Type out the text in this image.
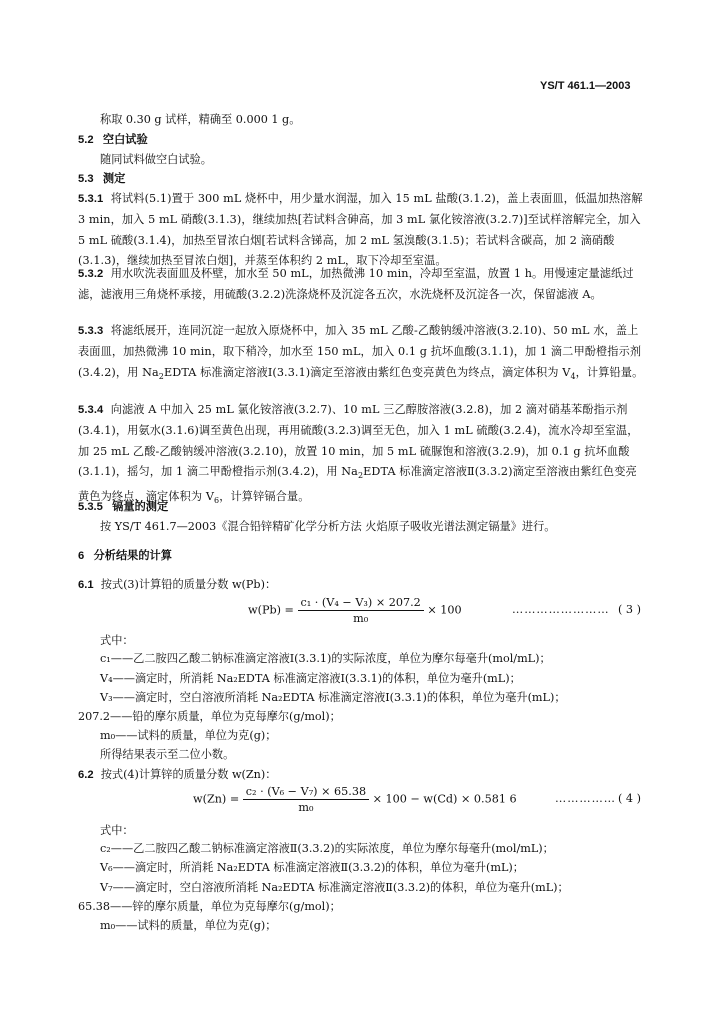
YS/T 461.1—2003
称取 0.30 g 试样，精确至 0.000 1 g。
5.2 空白试验
随同试料做空白试验。
5.3 测定
5.3.1 将试料(5.1)置于 300 mL 烧杯中，用少量水润湿，加入 15 mL 盐酸(3.1.2)，盖上表面皿，低温加热溶解 3 min，加入 5 mL 硝酸(3.1.3)，继续加热[若试料含砷高，加 3 mL 氯化铵溶液(3.2.7)]至试样溶解完全，加入 5 mL 硫酸(3.1.4)，加热至冒浓白烟[若试料含锑高，加 2 mL 氢溴酸(3.1.5)；若试料含碳高，加 2 滴硝酸(3.1.3)，继续加热至冒浓白烟]，并蒸至体积约 2 mL，取下冷却至室温。
5.3.2 用水吹洗表面皿及杯壁，加水至 50 mL，加热微沸 10 min，冷却至室温，放置 1 h。用慢速定量滤纸过滤，滤液用三角烧杯承接，用硫酸(3.2.2)洗涤烧杯及沉淀各五次，水洗烧杯及沉淀各一次，保留滤液 A。
5.3.3 将滤纸展开，连同沉淀一起放入原烧杯中，加入 35 mL 乙酸-乙酸钠缓冲溶液(3.2.10)、50 mL 水，盖上表面皿，加热微沸 10 min，取下稍冷，加水至 150 mL，加入 0.1 g 抗坏血酸(3.1.1)，加 1 滴二甲酚橙指示剂(3.4.2)，用 $Na_2EDTA$ 标准滴定溶液Ⅰ(3.3.1)滴定至溶液由紫红色变亮黄色为终点，滴定体积为 $V_4$，计算铅量。
5.3.4 向滤液 A 中加入 25 mL 氯化铵溶液(3.2.7)、10 mL 三乙醇胺溶液(3.2.8)，加 2 滴对硝基苯酚指示剂(3.4.1)，用氨水(3.1.6)调至黄色出现，再用硫酸(3.2.3)调至无色，加入 1 mL 硫酸(3.2.4)，流水冷却至室温，加 25 mL 乙酸-乙酸钠缓冲溶液(3.2.10)，放置 10 min，加 5 mL 硫脲饱和溶液(3.2.9)，加 0.1 g 抗坏血酸(3.1.1)，摇匀，加 1 滴二甲酚橙指示剂(3.4.2)，用 $Na_2EDTA$ 标准滴定溶液Ⅱ(3.3.2)滴定至溶液由紫红色变亮黄色为终点，滴定体积为 $V_6$，计算锌镉合量。
5.3.5 镉量的测定
按 YS/T 461.7—2003《混合铅锌精矿化学分析方法 火焰原子吸收光谱法测定镉量》进行。
6 分析结果的计算
6.1 按式(3)计算铅的质量分数 w(Pb)：
$w(Pb) = \frac{\text{c₁ · (V₄ − V₃) × 207.2}}{\text{m₀}} \times 100$	…………………… ( 3 )
式中：
c₁——乙二胺四乙酸二钠标准滴定溶液Ⅰ(3.3.1)的实际浓度，单位为摩尔每毫升(mol/mL)；
V₄——滴定时，所消耗 Na₂EDTA 标准滴定溶液Ⅰ(3.3.1)的体积，单位为毫升(mL)；
V₃——滴定时，空白溶液所消耗 Na₂EDTA 标准滴定溶液Ⅰ(3.3.1)的体积，单位为毫升(mL)；
207.2——铅的摩尔质量，单位为克每摩尔(g/mol)；
m₀——试料的质量，单位为克(g)；
所得结果表示至二位小数。
6.2 按式(4)计算锌的质量分数 w(Zn)：
$w(Zn) = \frac{\text{c₂ · (V₆ − V₇) × 65.38}}{\text{m₀}} \times 100 - w(Cd) \times 0.581$ 6	…………… ( 4 )
式中：
c₂——乙二胺四乙酸二钠标准滴定溶液Ⅱ(3.3.2)的实际浓度，单位为摩尔每毫升(mol/mL)；
V₆——滴定时，所消耗 Na₂EDTA 标准滴定溶液Ⅱ(3.3.2)的体积，单位为毫升(mL)；
V₇——滴定时，空白溶液所消耗 Na₂EDTA 标准滴定溶液Ⅱ(3.3.2)的体积，单位为毫升(mL)；
65.38——锌的摩尔质量，单位为克每摩尔(g/mol)；
m₀——试料的质量，单位为克(g)；
